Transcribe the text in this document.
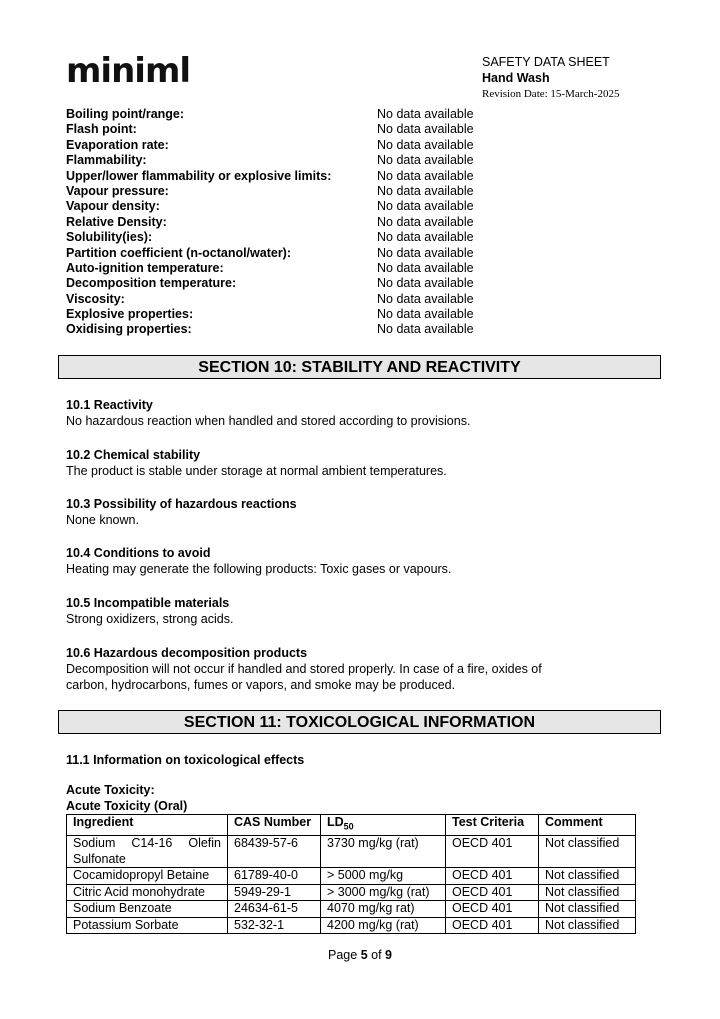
miniml	SAFETY DATA SHEET
Hand Wash
Revision Date: 15-March-2025
Boiling point/range:	No data available
Flash point:	No data available
Evaporation rate:	No data available
Flammability:	No data available
Upper/lower flammability or explosive limits:	No data available
Vapour pressure:	No data available
Vapour density:	No data available
Relative Density:	No data available
Solubility(ies):	No data available
Partition coefficient (n-octanol/water):	No data available
Auto-ignition temperature:	No data available
Decomposition temperature:	No data available
Viscosity:	No data available
Explosive properties:	No data available
Oxidising properties:	No data available
SECTION 10: STABILITY AND REACTIVITY
10.1 Reactivity
No hazardous reaction when handled and stored according to provisions.
10.2 Chemical stability
The product is stable under storage at normal ambient temperatures.
10.3 Possibility of hazardous reactions
None known.
10.4 Conditions to avoid
Heating may generate the following products: Toxic gases or vapours.
10.5 Incompatible materials
Strong oxidizers, strong acids.
10.6 Hazardous decomposition products
Decomposition will not occur if handled and stored properly. In case of a fire, oxides of
carbon, hydrocarbons, fumes or vapors, and smoke may be produced.
SECTION 11: TOXICOLOGICAL INFORMATION
11.1 Information on toxicological effects
Acute Toxicity:
Acute Toxicity (Oral)
Ingredient	CAS Number	$LD_{50}$	Test Criteria	Comment

Sodium C14-16 Olefin
Sulfonate	68439-57-6	3730 mg/kg (rat)	OECD 401	Not classified

Cocamidopropyl Betaine	61789-40-0	> 5000 mg/kg	OECD 401	Not classified

Citric Acid monohydrate	5949-29-1	> 3000 mg/kg (rat)	OECD 401	Not classified

Sodium Benzoate	24634-61-5	4070 mg/kg rat)	OECD 401	Not classified

Potassium Sorbate	532-32-1	4200 mg/kg (rat)	OECD 401	Not classified
Page 5 of 9
